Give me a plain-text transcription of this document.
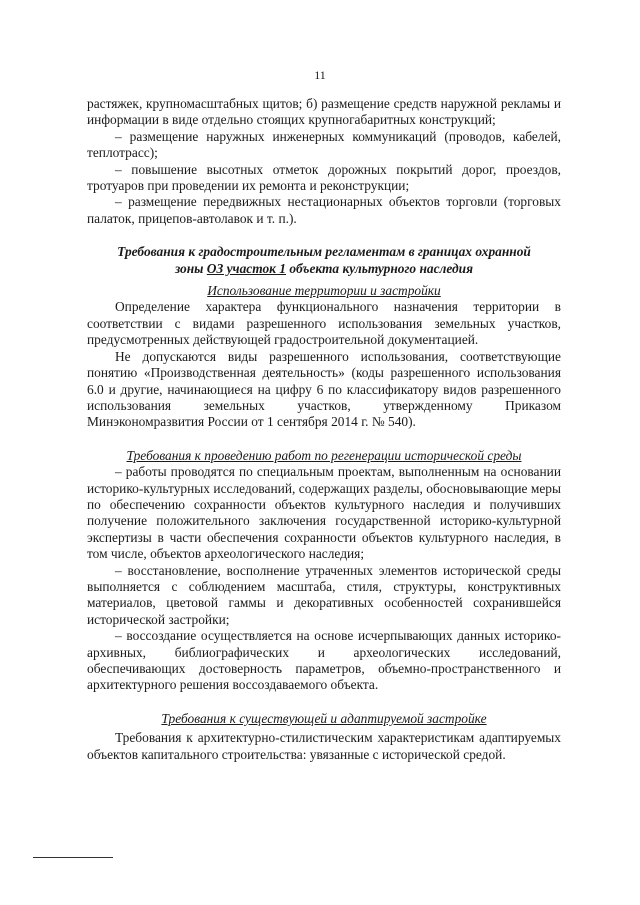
11

растяжек, крупномасштабных щитов; б) размещение средств наружной рекламы и информации в виде отдельно стоящих крупногабаритных конструкций;

– размещение наружных инженерных коммуникаций (проводов, кабелей, теплотрасс);

– повышение высотных отметок дорожных покрытий дорог, проездов, тротуаров при проведении их ремонта и реконструкции;

– размещение передвижных нестационарных объектов торговли (торговых палаток, прицепов-автолавок и т. п.).

Требования к градостроительным регламентам в границах охранной
зоны ОЗ участок 1 объекта культурного наследия
Использование территории и застройки

Определение характера функционального назначения территории в соответствии с видами разрешенного использования земельных участков, предусмотренных действующей градостроительной документацией.

Не допускаются виды разрешенного использования, соответствующие понятию «Производственная деятельность» (коды разрешенного использования 6.0 и другие, начинающиеся на цифру 6 по классификатору видов разрешенного использования земельных участков, утвержденному Приказом Минэкономразвития России от 1 сентября 2014 г. № 540).

Требования к проведению работ по регенерации исторической среды

– работы проводятся по специальным проектам, выполненным на основании историко-культурных исследований, содержащих разделы, обосновывающие меры по обеспечению сохранности объектов культурного наследия и получивших получение положительного заключения государственной историко-культурной экспертизы в части обеспечения сохранности объектов культурного наследия, в том числе, объектов археологического наследия;

– восстановление, восполнение утраченных элементов исторической среды выполняется с соблюдением масштаба, стиля, структуры, конструктивных материалов, цветовой гаммы и декоративных особенностей сохранившейся исторической застройки;

– воссоздание осуществляется на основе исчерпывающих данных историко-архивных, библиографических и археологических исследований, обеспечивающих достоверность параметров, объемно-пространственного и архитектурного решения воссоздаваемого объекта.

Требования к существующей и адаптируемой застройке

Требования к архитектурно-стилистическим характеристикам адаптируемых объектов капитального строительства: увязанные с исторической средой.
